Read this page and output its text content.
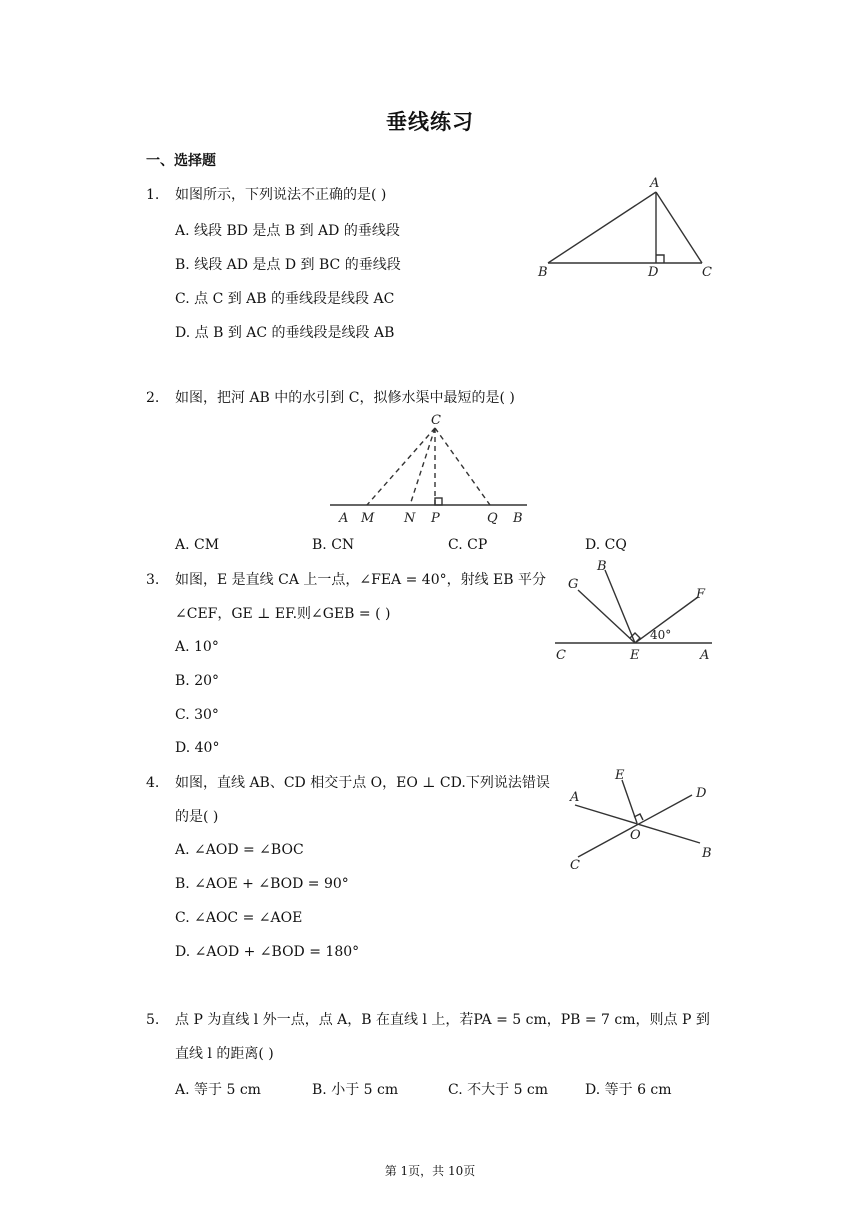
垂线练习
一、选择题
1. 如图所示，下列说法不正确的是( )
A. 线段 BD 是点 B 到 AD 的垂线段
B. 线段 AD 是点 D 到 BC 的垂线段
C. 点 C 到 AB 的垂线段是线段 AC
D. 点 B 到 AC 的垂线段是线段 AB
A
B	D	C
2. 如图，把河 AB 中的水引到 C，拟修水渠中最短的是( )
C
A M N P	Q B
A. CM	B. CN	C. CP	D. CQ
3. 如图，E 是直线 CA 上一点，∠FEA = 40°，射线 EB 平分
∠CEF，GE ⊥ EF.则∠GEB = ( )
A. 10°
B. 20°
C. 30°
D. 40°
G
B
F
40°
C	E	A
4. 如图，直线 AB、CD 相交于点 O，EO ⊥ CD.下列说法错误
的是( )
A. ∠AOD = ∠BOC
B. ∠AOE + ∠BOD = 90°
C. ∠AOC = ∠AOE
D. ∠AOD + ∠BOD = 180°
E
D
A
O
B
C
5. 点 P 为直线 l 外一点，点 A，B 在直线 l 上，若PA = 5 cm，PB = 7 cm，则点 P 到
直线 l 的距离( )
A. 等于 5 cm	B. 小于 5 cm	C. 不大于 5 cm	D. 等于 6 cm
第 1页，共 10页
